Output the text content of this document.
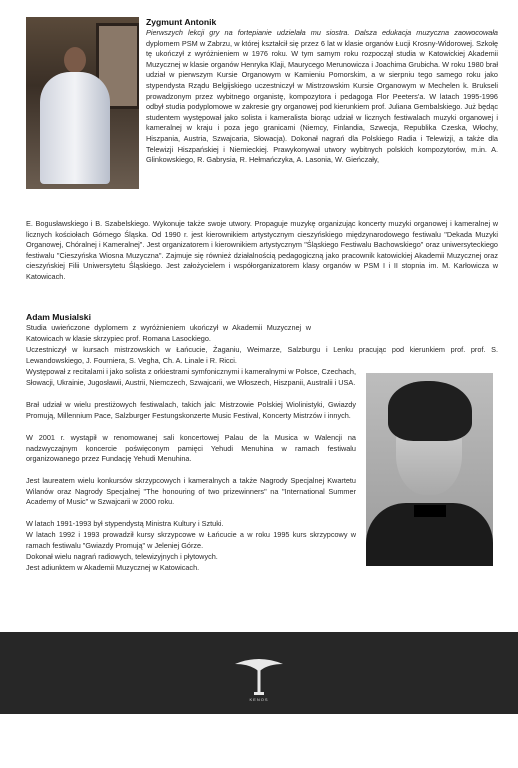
Zygmunt Antonik

Pierwszych lekcji gry na fortepianie udzielała mu siostra. Dalsza edukacja muzyczna zaowocowała dyplomem PSM w Zabrzu, w której kształcił się przez 6 lat w klasie organów Łucji Krosny-Widorowej. Szkołę tę ukończył z wyróżnieniem w 1976 roku. W tym samym roku rozpoczął studia w Katowickiej Akademii Muzycznej w klasie organów Henryka Klaji, Maurycego Merunowicza i Joachima Grubicha. W roku 1980 brał udział w pierwszym Kursie Organowym w Kamieniu Pomorskim, a w sierpniu tego samego roku jako stypendysta Rządu Belgijskiego uczestniczył w Mistrzowskim Kursie Organowym w Mechelen k. Brukseli prowadzonym przez wybitnego organistę, kompozytora i pedagoga Flor Peeters'a. W latach 1995-1996 odbył studia podyplomowe w zakresie gry organowej pod kierunkiem prof. Juliana Gembalskiego. Już będąc studentem występował jako solista i kameralista biorąc udział w licznych festiwalach muzyki organowej i kameralnej w kraju i poza jego granicami (Niemcy, Finlandia, Szwecja, Republika Czeska, Włochy, Hiszpania, Austria, Szwajcaria, Słowacja). Dokonał nagrań dla Polskiego Radia i Telewizji, a także dla Telewizji Hiszpańskiej i Niemieckiej. Prawykonywał utwory wybitnych polskich kompozytorów, m.in. A. Glinkowskiego, R. Gabrysia, R. Hełmańczyka, A. Lasonia, W. Gieńczały,

E. Bogusławskiego i B. Szabelskiego. Wykonuje także swoje utwory. Propaguje muzykę organizując koncerty muzyki organowej i kameralnej w licznych kościołach Górnego Śląska. Od 1990 r. jest kierownikiem artystycznym cieszyńskiego międzynarodowego festiwalu "Dekada Muzyki Organowej, Chóralnej i Kameralnej". Jest organizatorem i kierownikiem artystycznym "Śląskiego Festiwalu Bachowskiego" oraz uniwersyteckiego festiwalu "Cieszyńska Wiosna Muzyczna". Zajmuje się również działalnością pedagogiczną jako pracownik katowickiej Akademii Muzycznej oraz cieszyńskiej Filii Uniwersytetu Śląskiego. Jest założycielem i współorganizatorem klasy organów w PSM I i II stopnia im. M. Karłowicza w Katowicach.

Adam Musialski

Studia uwieńczone dyplomem z wyróżnieniem ukończył w Akademii Muzycznej w Katowicach w klasie skrzypiec prof. Romana Lasockiego.

Uczestniczył w kursach mistrzowskich w Łańcucie, Żaganiu, Weimarze, Salzburgu i Lenku pracując pod kierunkiem prof. prof. S. Lewandowskiego, J. Fourniera, S. Vegha, Ch. A. Linale i R. Ricci.

Występował z recitalami i jako solista z orkiestrami symfonicznymi i kameralnymi w Polsce, Czechach, Słowacji, Ukrainie, Jugosławii, Austrii, Niemczech, Szwajcarii, we Włoszech, Hiszpanii, Australii i USA.

Brał udział w wielu prestiżowych festiwalach, takich jak: Mistrzowie Polskiej Wiolinistyki, Gwiazdy Promują, Millennium Pace, Salzburger Festungskonzerte Music Festival, Koncerty Mistrzów i innych.

W 2001 r. wystąpił w renomowanej sali koncertowej Palau de la Musica w Walencji na nadzwyczajnym koncercie poświęconym pamięci Yehudi Menuhina w ramach festiwalu organizowanego przez Fundację Yehudi Menuhina.

Jest laureatem wielu konkursów skrzypcowych i kameralnych a także Nagrody Specjalnej Kwartetu Wilanów oraz Nagrody Specjalnej "The honouring of two prizewinners" na "International Summer Academy of Music" w Szwajcarii w 2000 roku.

W latach 1991-1993 był stypendystą Ministra Kultury i Sztuki.

W latach 1992 i 1993 prowadził kursy skrzypcowe w Łańcucie a w roku 1995 kurs skrzypcowy w ramach festiwalu "Gwiazdy Promują" w Jeleniej Górze.

Dokonał wielu nagrań radiowych, telewizyjnych i płytowych.

Jest adiunktem w Akademii Muzycznej w Katowicach.

KENOS
